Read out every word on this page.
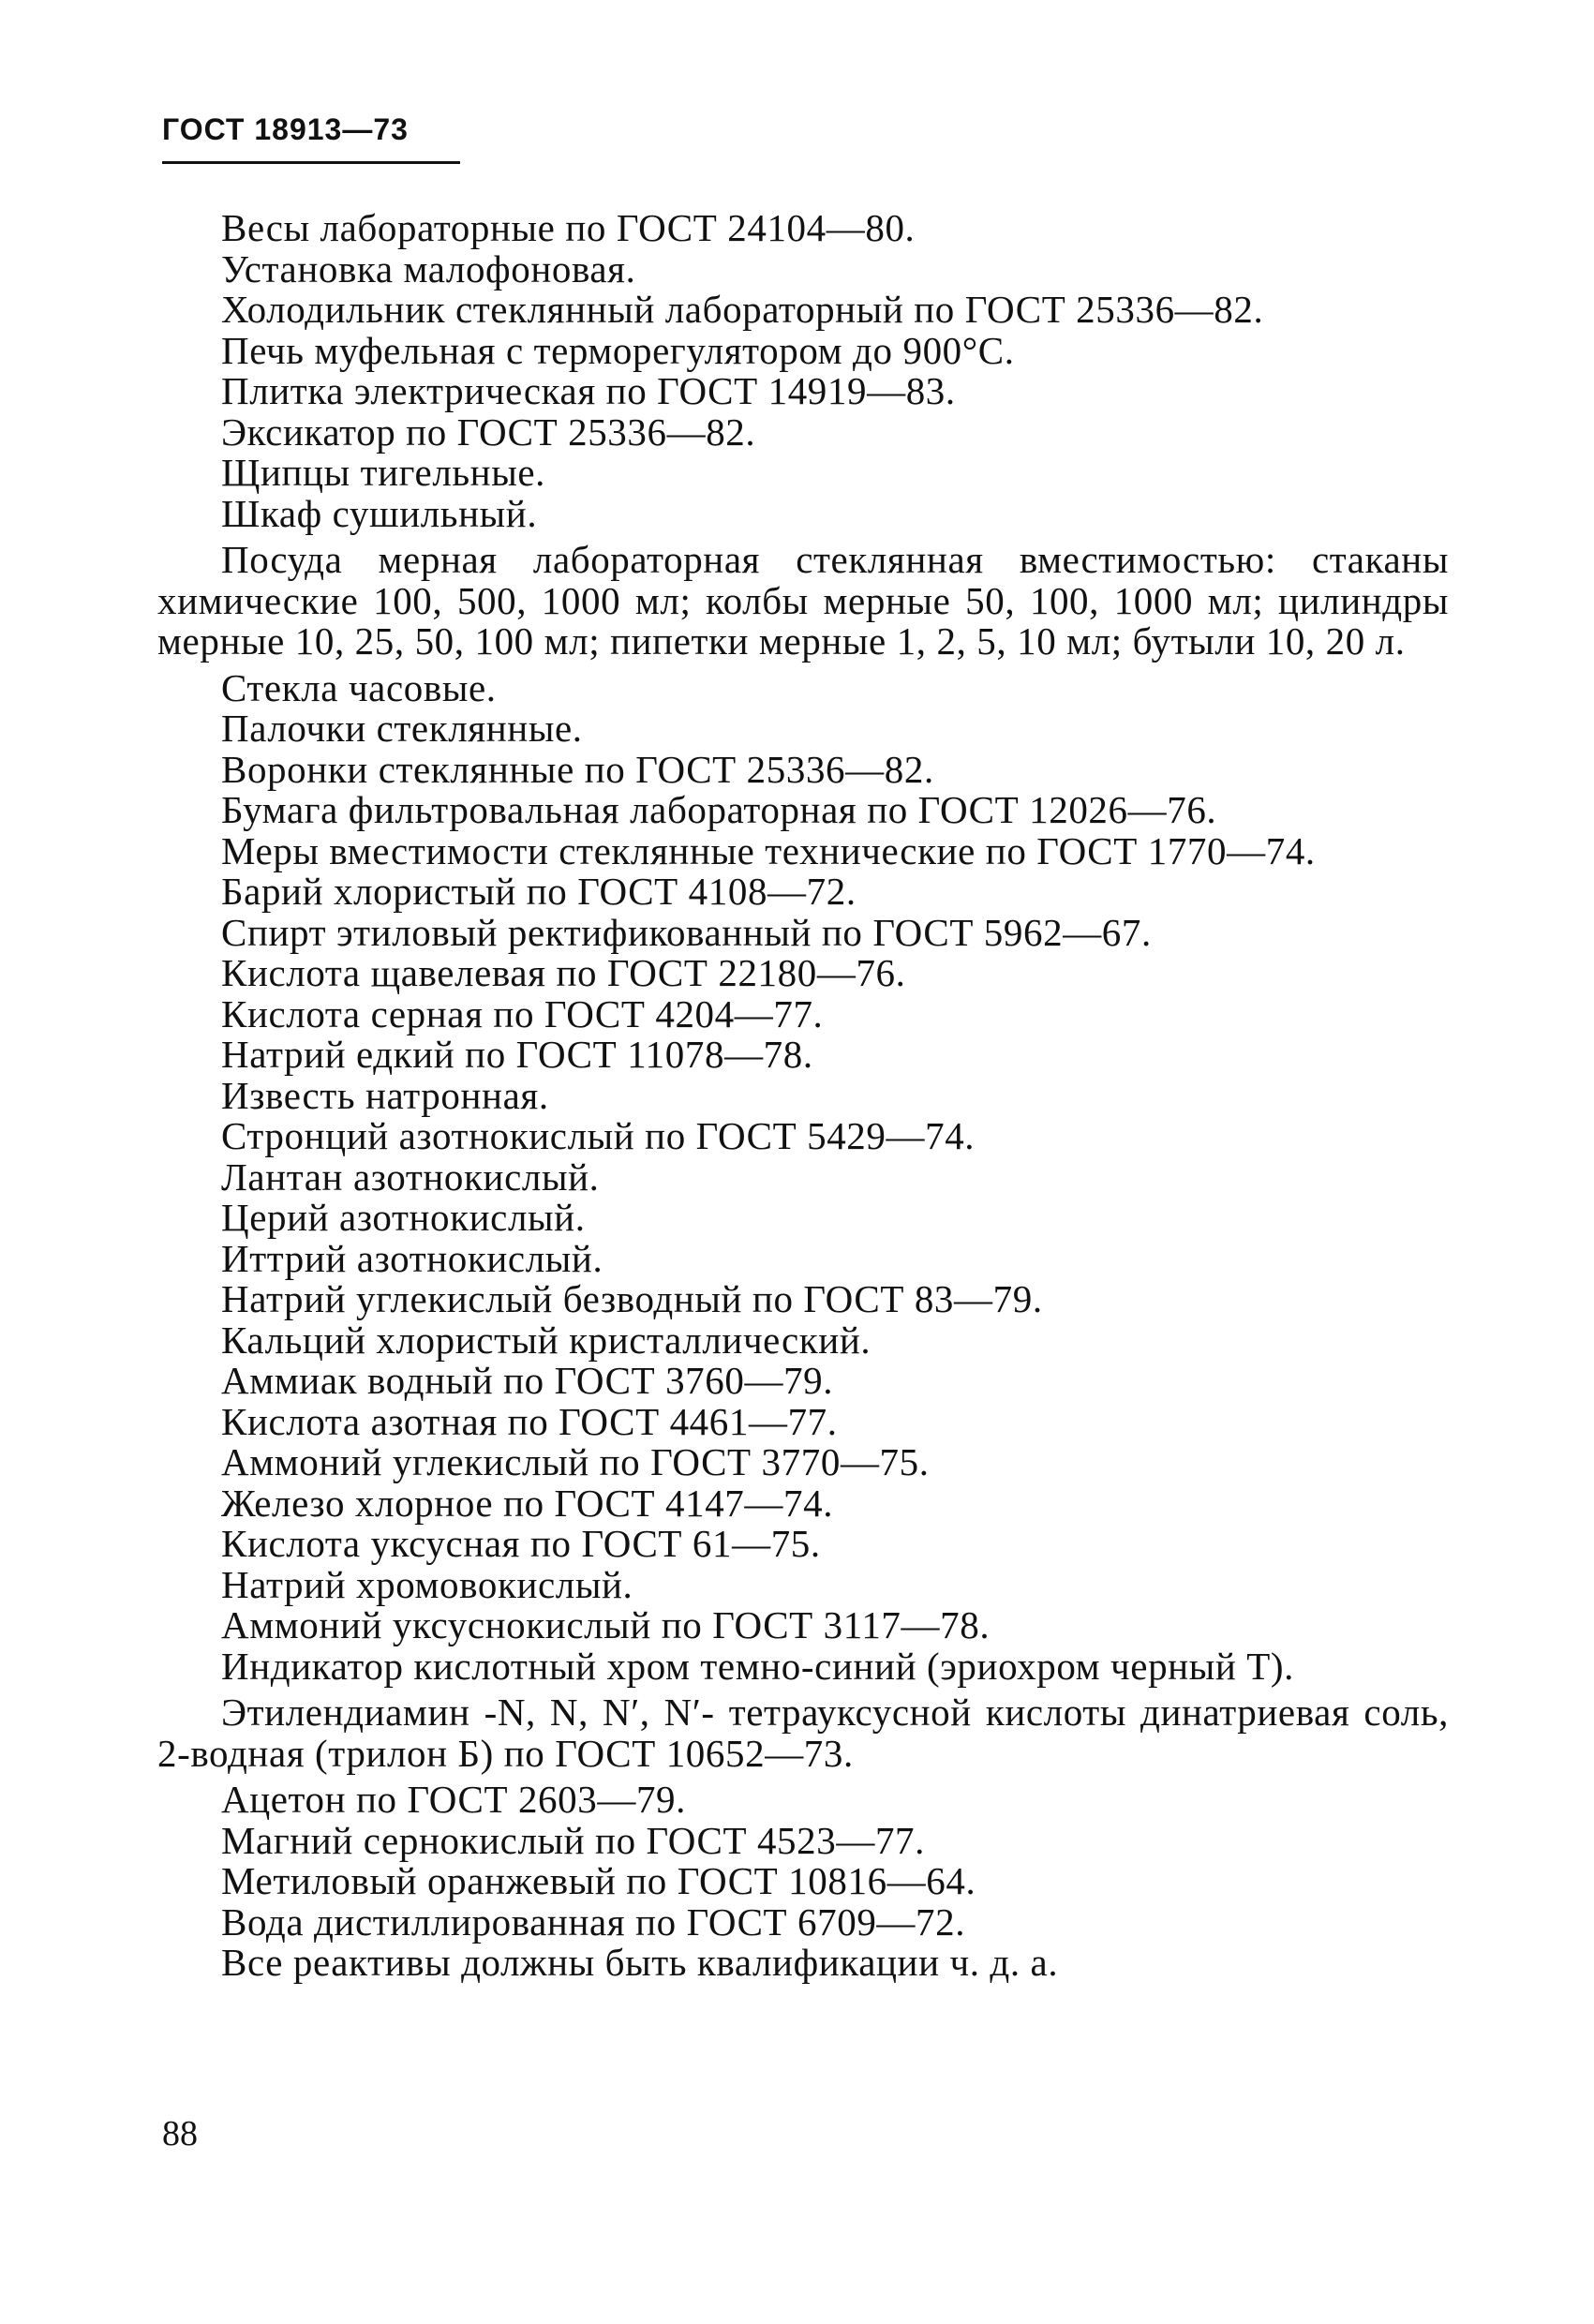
ГОСТ 18913—73
Весы лабораторные по ГОСТ 24104—80.
Установка малофоновая.
Холодильник стеклянный лабораторный по ГОСТ 25336—82.
Печь муфельная с терморегулятором до 900°С.
Плитка электрическая по ГОСТ 14919—83.
Эксикатор по ГОСТ 25336—82.
Щипцы тигельные.
Шкаф сушильный.
Посуда мерная лабораторная стеклянная вместимостью: стаканы химические 100, 500, 1000 мл; колбы мерные 50, 100, 1000 мл; цилиндры мерные 10, 25, 50, 100 мл; пипетки мерные 1, 2, 5, 10 мл; бутыли 10, 20 л.
Стекла часовые.
Палочки стеклянные.
Воронки стеклянные по ГОСТ 25336—82.
Бумага фильтровальная лабораторная по ГОСТ 12026—76.
Меры вместимости стеклянные технические по ГОСТ 1770—74.
Барий хлористый по ГОСТ 4108—72.
Спирт этиловый ректификованный по ГОСТ 5962—67.
Кислота щавелевая по ГОСТ 22180—76.
Кислота серная по ГОСТ 4204—77.
Натрий едкий по ГОСТ 11078—78.
Известь натронная.
Стронций азотнокислый по ГОСТ 5429—74.
Лантан азотнокислый.
Церий азотнокислый.
Иттрий азотнокислый.
Натрий углекислый безводный по ГОСТ 83—79.
Кальций хлористый кристаллический.
Аммиак водный по ГОСТ 3760—79.
Кислота азотная по ГОСТ 4461—77.
Аммоний углекислый по ГОСТ 3770—75.
Железо хлорное по ГОСТ 4147—74.
Кислота уксусная по ГОСТ 61—75.
Натрий хромовокислый.
Аммоний уксуснокислый по ГОСТ 3117—78.
Индикатор кислотный хром темно-синий (эриохром черный Т).
Этилендиамин -N, N, N′, N′- тетрауксусной кислоты динатриевая соль, 2-водная (трилон Б) по ГОСТ 10652—73.
Ацетон по ГОСТ 2603—79.
Магний сернокислый по ГОСТ 4523—77.
Метиловый оранжевый по ГОСТ 10816—64.
Вода дистиллированная по ГОСТ 6709—72.
Все реактивы должны быть квалификации ч. д. а.
88
